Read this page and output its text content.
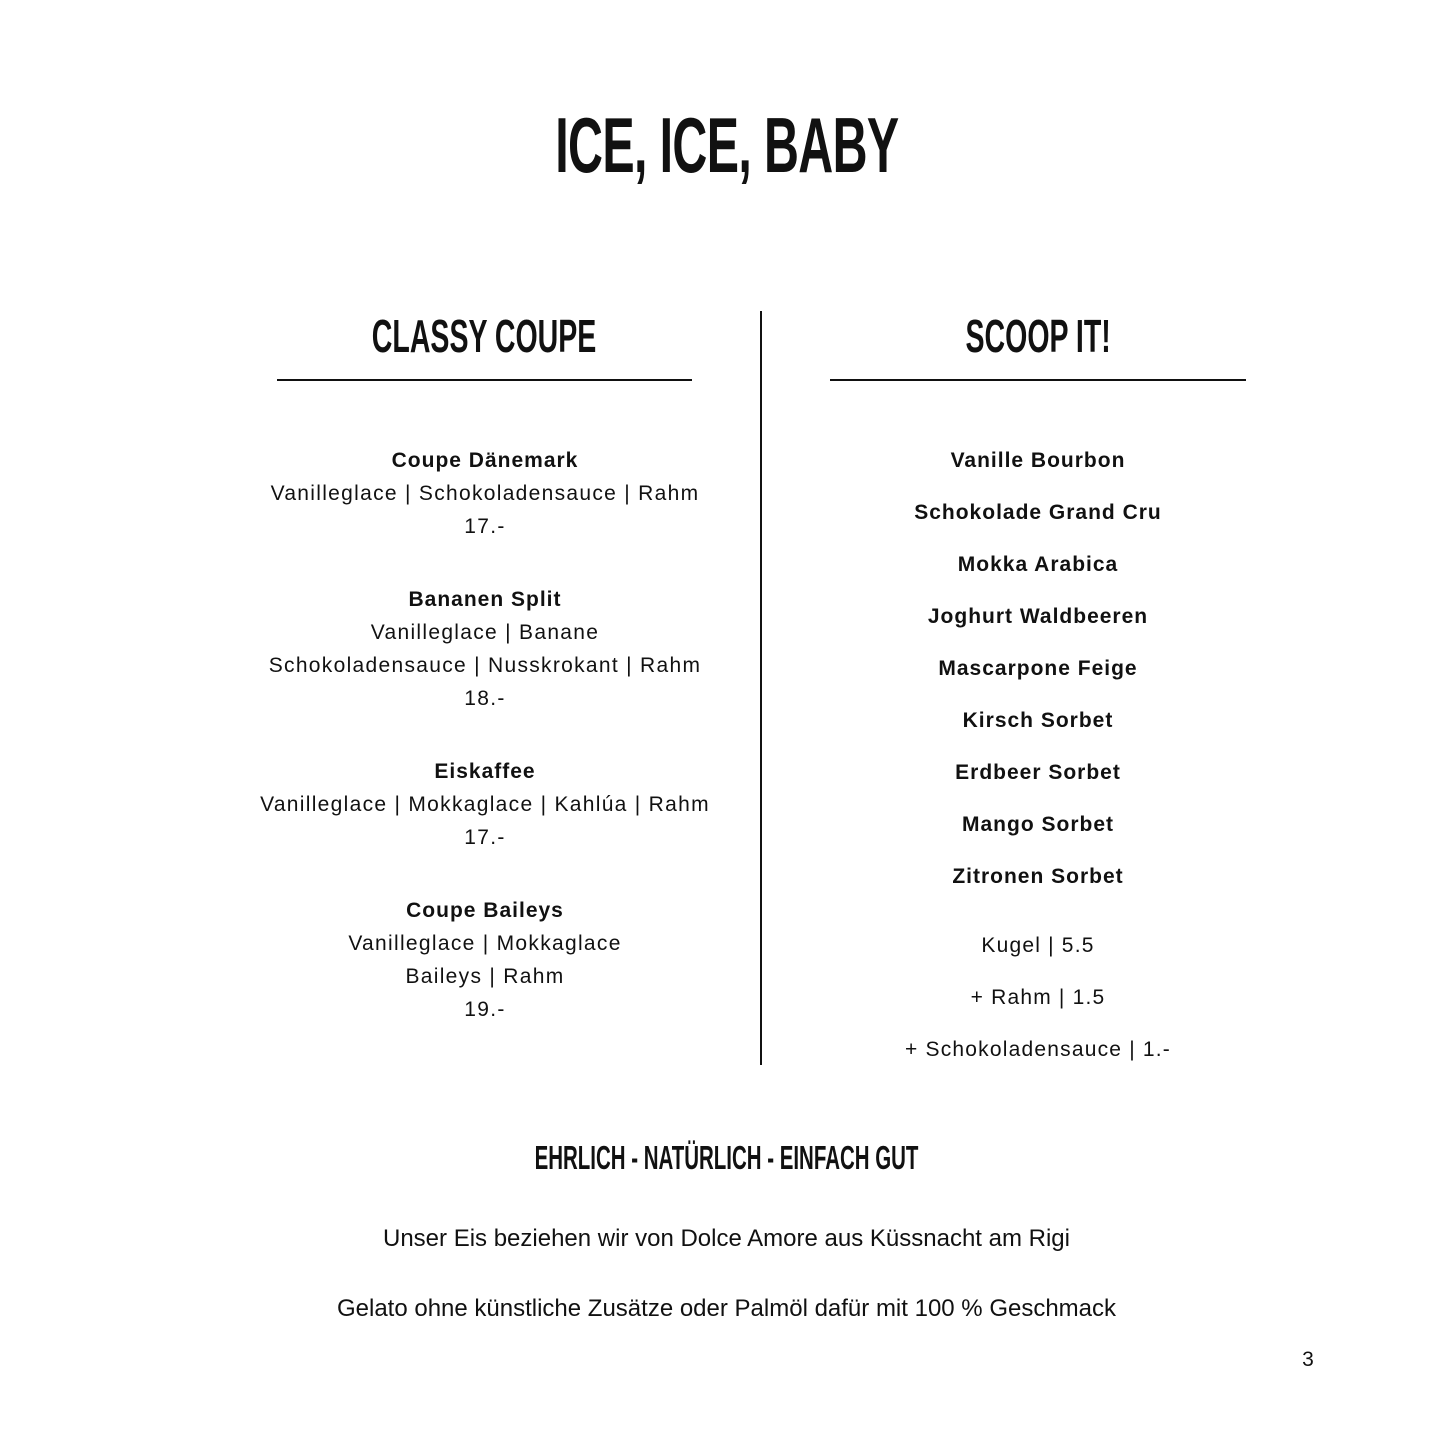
ICE, ICE, BABY
CLASSY COUPE	SCOOP IT!
Coupe Dänemark
Vanilleglace | Schokoladensauce | Rahm
17.-
Bananen Split
Vanilleglace | Banane
Schokoladensauce | Nusskrokant | Rahm
18.-
Eiskaffee
Vanilleglace | Mokkaglace | Kahlúa | Rahm
17.-
Coupe Baileys
Vanilleglace | Mokkaglace
Baileys | Rahm
19.-
Vanille Bourbon
Schokolade Grand Cru
Mokka Arabica
Joghurt Waldbeeren
Mascarpone Feige
Kirsch Sorbet
Erdbeer Sorbet
Mango Sorbet
Zitronen Sorbet
Kugel | 5.5
+ Rahm | 1.5
+ Schokoladensauce | 1.-
EHRLICH - NATÜRLICH - EINFACH GUT
Unser Eis beziehen wir von Dolce Amore aus Küssnacht am Rigi
Gelato ohne künstliche Zusätze oder Palmöl dafür mit 100 % Geschmack
3
